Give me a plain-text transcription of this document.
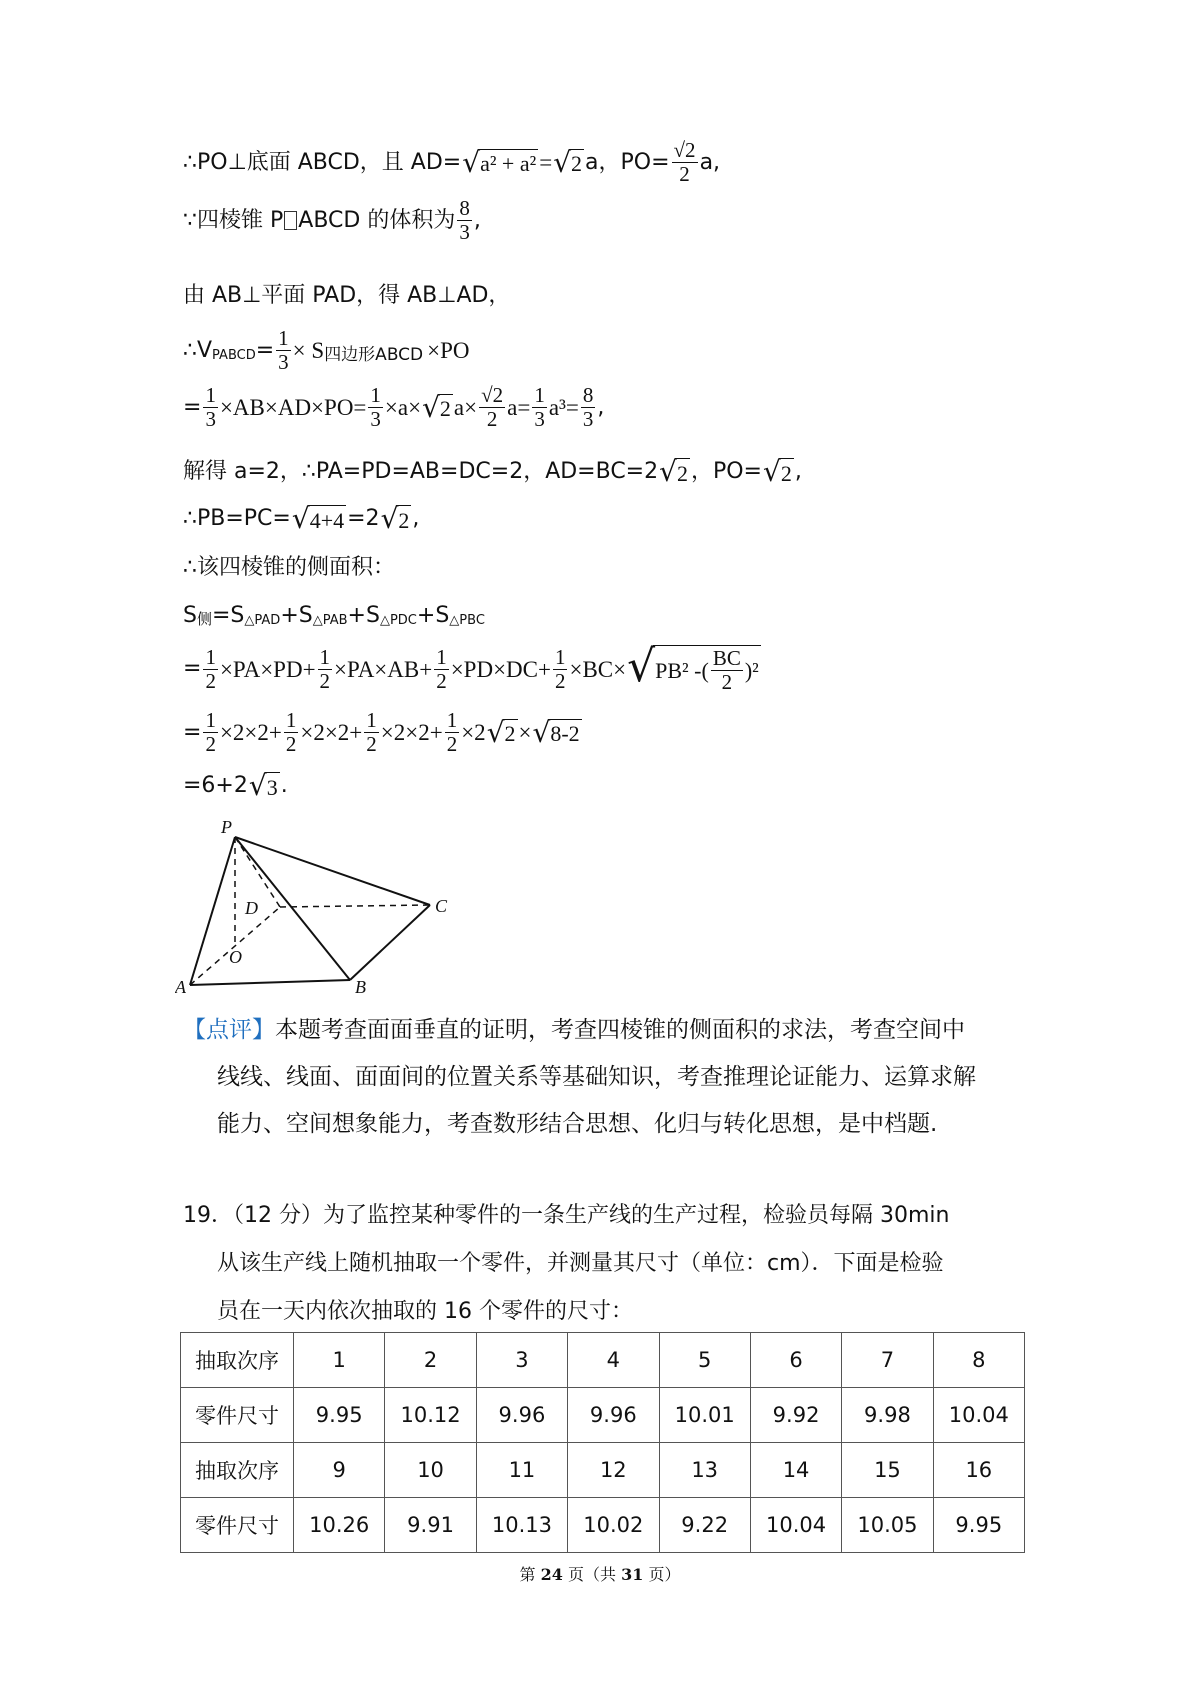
∴PO⊥底面 ABCD，且 AD= √ a² + a² = √ 2 a，$PO= \frac{√2}{2} a$,
∵四棱锥 P ABCD 的体积为 $\frac{8}{3}$ ,
由 AB⊥平面 PAD，得 AB⊥AD，
∴V PABCD = $\frac{1}{3} \times S$ 四边形ABCD ×PO
= $\frac{1}{3} \times AB\times AD\times PO= \frac{1}{3} \times a\times$ √ 2 $a\times \frac{√2}{2} a= \frac{1}{3} a^3= \frac{8}{3}$ ,
解得 a=2，∴PA=PD=AB=DC=2，AD=BC=2 √ 2 ，PO= √ 2 ,
∴PB=PC= √ 4+4 =2 √ 2 ,
∴该四棱锥的侧面积：
S 侧 =S △PAD +S △PAB +S △PDC +S △PBC
= $\frac{1}{2} \times PA\times PD+ \frac{1}{2} \times PA\times AB+ \frac{1}{2} \times PD\times DC+ \frac{1}{2} \times BC\times$ √ PB² -( $\frac{BC}{2} )^2$
= $\frac{1}{2} \times 2\times 2+ \frac{1}{2} \times 2\times 2+ \frac{1}{2} \times 2\times 2+ \frac{1}{2} \times 2$ √ 2 × √ 8-2
=6+2 √ 3 .
P
D	C
O
A	B
【点评】本题考查面面垂直的证明，考查四棱锥的侧面积的求法，考查空间中
线线、线面、面面间的位置关系等基础知识，考查推理论证能力、运算求解
能力、空间想象能力，考查数形结合思想、化归与转化思想，是中档题.
19．（12 分）为了监控某种零件的一条生产线的生产过程，检验员每隔 30min
从该生产线上随机抽取一个零件，并测量其尺寸（单位：cm）．下面是检验
员在一天内依次抽取的 16 个零件的尺寸：
抽取次序	1	2	3	4	5	6	7	8
零件尺寸	9.95	10.12	9.96	9.96	10.01	9.92	9.98	10.04
抽取次序	9	10	11	12	13	14	15	16
零件尺寸	10.26	9.91	10.13	10.02	9.22	10.04	10.05	9.95
第 24 页（共 31 页）
